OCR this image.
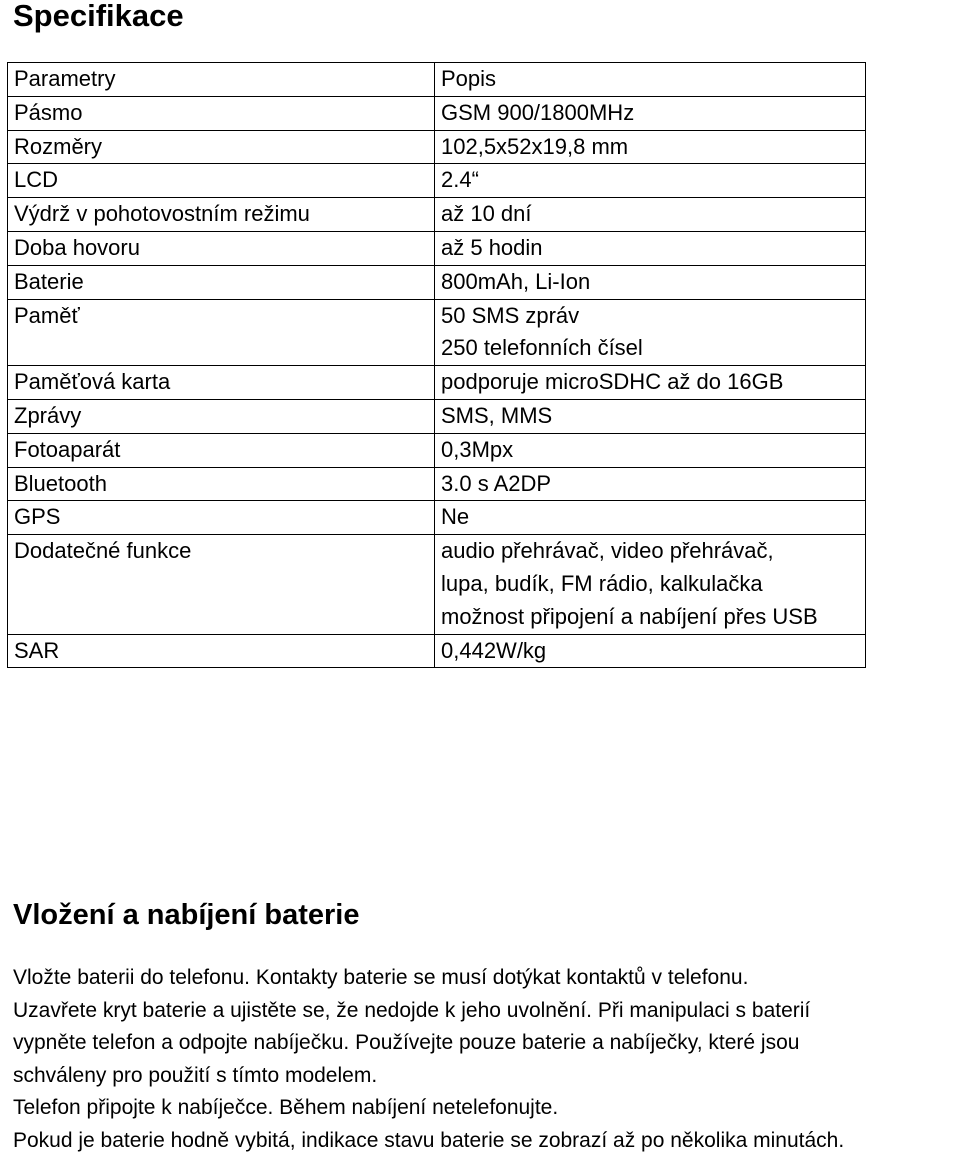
Specifikace
Parametry	Popis
Pásmo	GSM 900/1800MHz

Rozměry	102,5x52x19,8 mm

LCD	2.4“

Výdrž v pohotovostním režimu	až 10 dní

Doba hovoru	až 5 hodin

Baterie	800mAh, Li-Ion

Paměť	50 SMS zpráv
250 telefonních čísel

Paměťová karta	podporuje microSDHC až do 16GB

Zprávy	SMS, MMS

Fotoaparát	0,3Mpx

Bluetooth	3.0 s A2DP

GPS	Ne

Dodatečné funkce	audio přehrávač, video přehrávač,
lupa, budík, FM rádio, kalkulačka
možnost připojení a nabíjení přes USB

SAR	0,442W/kg
Vložení a nabíjení baterie

Vložte baterii do telefonu. Kontakty baterie se musí dotýkat kontaktů v telefonu.

Uzavřete kryt baterie a ujistěte se, že nedojde k jeho uvolnění. Při manipulaci s baterií

vypněte telefon a odpojte nabíječku. Používejte pouze baterie a nabíječky, které jsou

schváleny pro použití s tímto modelem.

Telefon připojte k nabíječce. Během nabíjení netelefonujte.

Pokud je baterie hodně vybitá, indikace stavu baterie se zobrazí až po několika minutách.
